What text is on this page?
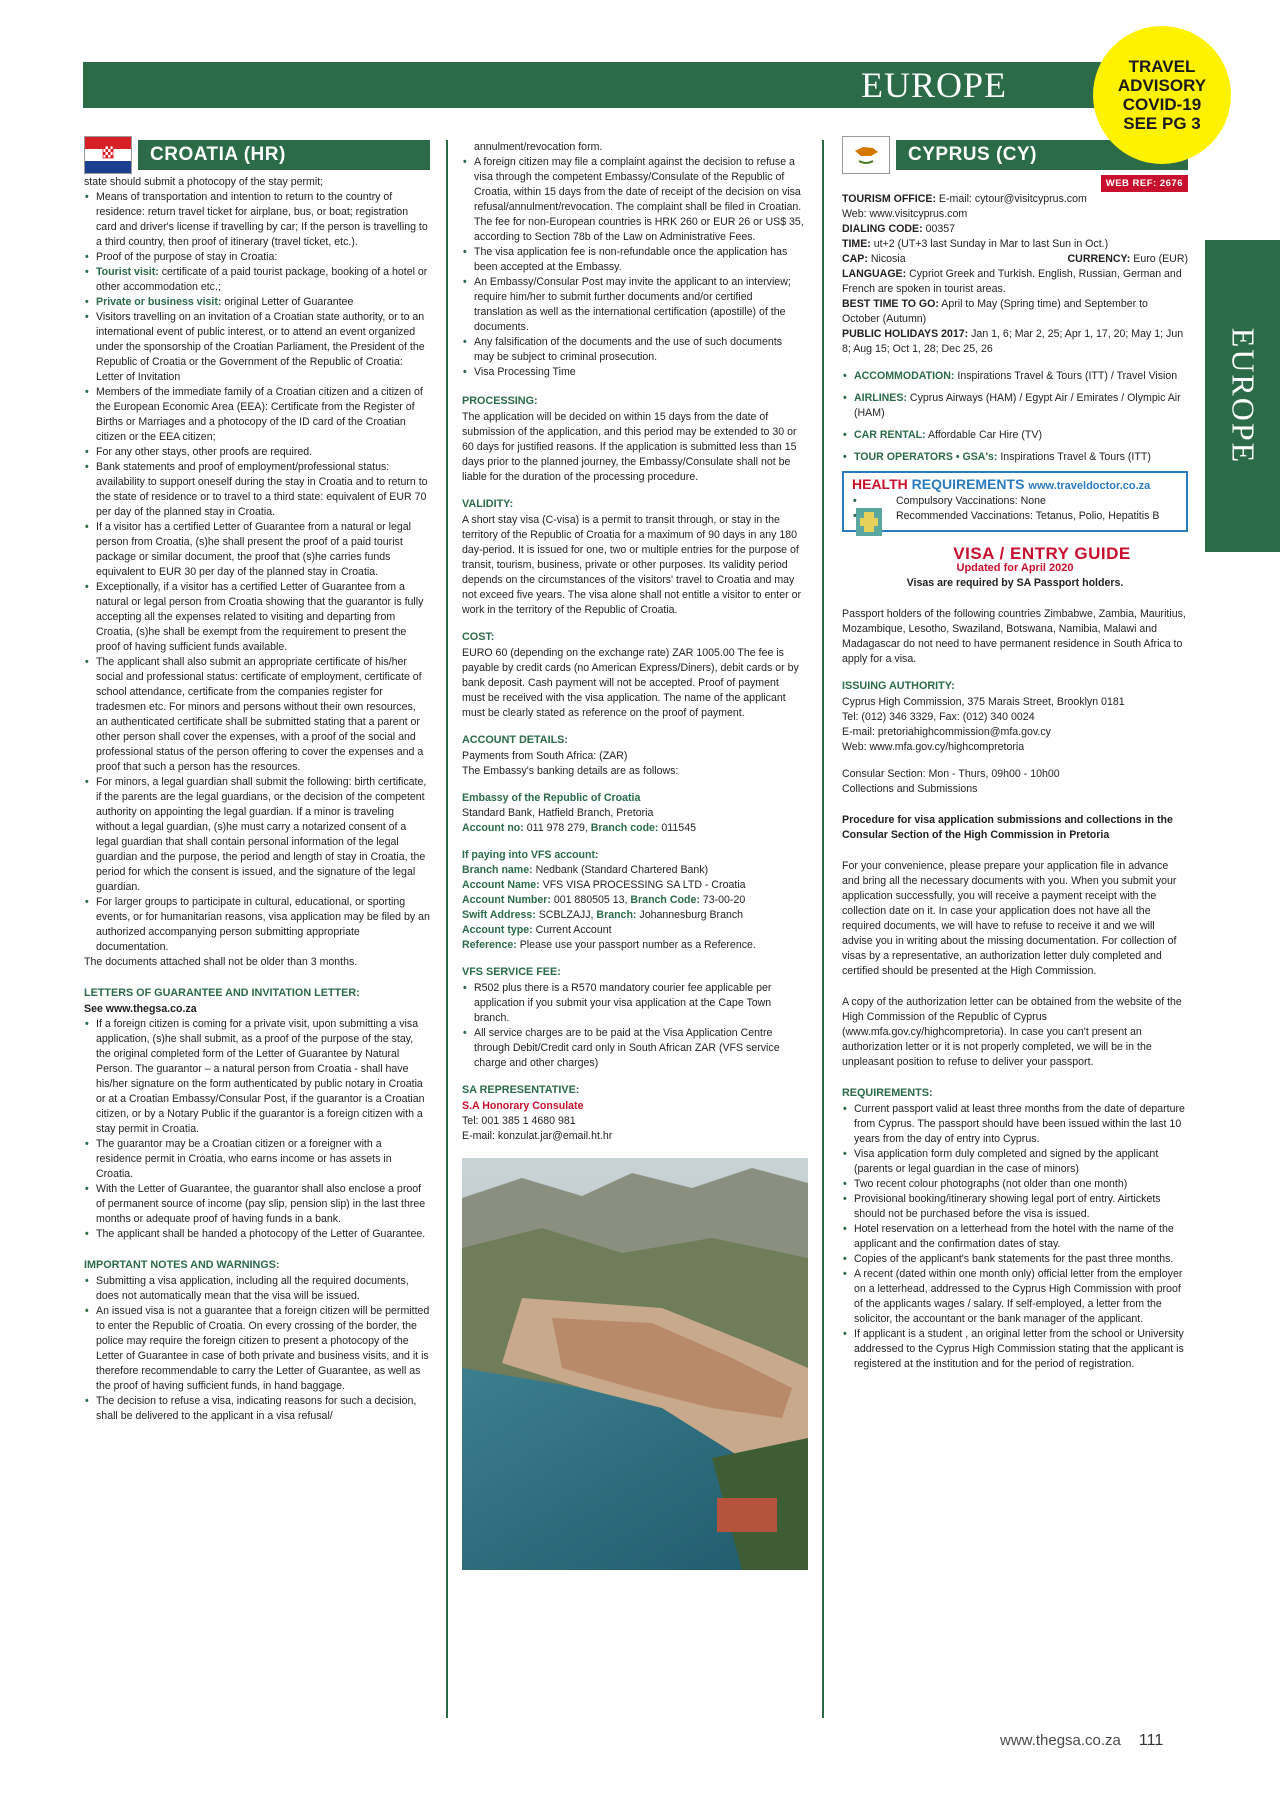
EUROPE	TRAVEL
ADVISORY
COVID-19
SEE PG 3
EUROPE
CROATIA (HR)
state should submit a photocopy of the stay permit;
• Means of transportation and intention to return to the country of residence: return travel ticket for airplane, bus, or boat; registration card and driver's license if travelling by car; If the person is travelling to a third country, then proof of itinerary (travel ticket, etc.).
• Proof of the purpose of stay in Croatia:
• Tourist visit: certificate of a paid tourist package, booking of a hotel or other accommodation etc.;
• Private or business visit: original Letter of Guarantee
• Visitors travelling on an invitation of a Croatian state authority, or to an international event of public interest, or to attend an event organized under the sponsorship of the Croatian Parliament, the President of the Republic of Croatia or the Government of the Republic of Croatia: Letter of Invitation
• Members of the immediate family of a Croatian citizen and a citizen of the European Economic Area (EEA): Certificate from the Register of Births or Marriages and a photocopy of the ID card of the Croatian citizen or the EEA citizen;
• For any other stays, other proofs are required.
• Bank statements and proof of employment/professional status: availability to support oneself during the stay in Croatia and to return to the state of residence or to travel to a third state: equivalent of EUR 70 per day of the planned stay in Croatia.
• If a visitor has a certified Letter of Guarantee from a natural or legal person from Croatia, (s)he shall present the proof of a paid tourist package or similar document, the proof that (s)he carries funds equivalent to EUR 30 per day of the planned stay in Croatia.
• Exceptionally, if a visitor has a certified Letter of Guarantee from a natural or legal person from Croatia showing that the guarantor is fully accepting all the expenses related to visiting and departing from Croatia, (s)he shall be exempt from the requirement to present the proof of having sufficient funds available.
• The applicant shall also submit an appropriate certificate of his/her social and professional status: certificate of employment, certificate of school attendance, certificate from the companies register for tradesmen etc. For minors and persons without their own resources, an authenticated certificate shall be submitted stating that a parent or other person shall cover the expenses, with a proof of the social and professional status of the person offering to cover the expenses and a proof that such a person has the resources.
• For minors, a legal guardian shall submit the following: birth certificate, if the parents are the legal guardians, or the decision of the competent authority on appointing the legal guardian. If a minor is traveling without a legal guardian, (s)he must carry a notarized consent of a legal guardian that shall contain personal information of the legal guardian and the purpose, the period and length of stay in Croatia, the period for which the consent is issued, and the signature of the legal guardian.
• For larger groups to participate in cultural, educational, or sporting events, or for humanitarian reasons, visa application may be filed by an authorized accompanying person submitting appropriate documentation.

The documents attached shall not be older than 3 months.

LETTERS OF GUARANTEE AND INVITATION LETTER:
See www.thegsa.co.za
• If a foreign citizen is coming for a private visit, upon submitting a visa application, (s)he shall submit, as a proof of the purpose of the stay, the original completed form of the Letter of Guarantee by Natural Person. The guarantor – a natural person from Croatia - shall have his/her signature on the form authenticated by public notary in Croatia or at a Croatian Embassy/Consular Post, if the guarantor is a Croatian citizen, or by a Notary Public if the guarantor is a foreign citizen with a stay permit in Croatia.
• The guarantor may be a Croatian citizen or a foreigner with a residence permit in Croatia, who earns income or has assets in Croatia.
• With the Letter of Guarantee, the guarantor shall also enclose a proof of permanent source of income (pay slip, pension slip) in the last three months or adequate proof of having funds in a bank.
• The applicant shall be handed a photocopy of the Letter of Guarantee.
IMPORTANT NOTES AND WARNINGS:
• Submitting a visa application, including all the required documents, does not automatically mean that the visa will be issued.
• An issued visa is not a guarantee that a foreign citizen will be permitted to enter the Republic of Croatia. On every crossing of the border, the police may require the foreign citizen to present a photocopy of the Letter of Guarantee in case of both private and business visits, and it is therefore recommendable to carry the Letter of Guarantee, as well as the proof of having sufficient funds, in hand baggage.
• The decision to refuse a visa, indicating reasons for such a decision, shall be delivered to the applicant in a visa refusal/
annulment/revocation form.
• A foreign citizen may file a complaint against the decision to refuse a visa through the competent Embassy/Consulate of the Republic of Croatia, within 15 days from the date of receipt of the decision on visa refusal/annulment/revocation. The complaint shall be filed in Croatian. The fee for non-European countries is HRK 260 or EUR 26 or US$ 35, according to Section 78b of the Law on Administrative Fees.
• The visa application fee is non-refundable once the application has been accepted at the Embassy.
• An Embassy/Consular Post may invite the applicant to an interview; require him/her to submit further documents and/or certified translation as well as the international certification (apostille) of the documents.
• Any falsification of the documents and the use of such documents may be subject to criminal prosecution.
• Visa Processing Time
PROCESSING:

The application will be decided on within 15 days from the date of submission of the application, and this period may be extended to 30 or 60 days for justified reasons. If the application is submitted less than 15 days prior to the planned journey, the Embassy/Consulate shall not be liable for the duration of the processing procedure.

VALIDITY:

A short stay visa (C-visa) is a permit to transit through, or stay in the territory of the Republic of Croatia for a maximum of 90 days in any 180 day-period. It is issued for one, two or multiple entries for the purpose of transit, tourism, business, private or other purposes. Its validity period depends on the circumstances of the visitors' travel to Croatia and may not exceed five years. The visa alone shall not entitle a visitor to enter or work in the territory of the Republic of Croatia.

COST:

EURO 60 (depending on the exchange rate) ZAR 1005.00 The fee is payable by credit cards (no American Express/Diners), debit cards or by bank deposit. Cash payment will not be accepted. Proof of payment must be received with the visa application. The name of the applicant must be clearly stated as reference on the proof of payment.

ACCOUNT DETAILS:
Payments from South Africa: (ZAR)

The Embassy's banking details are as follows:

Embassy of the Republic of Croatia
Standard Bank, Hatfield Branch, Pretoria

Account no: 011 978 279, Branch code: 011545

If paying into VFS account:
Branch name: Nedbank (Standard Chartered Bank)
Account Name: VFS VISA PROCESSING SA LTD - Croatia
Account Number: 001 880505 13, Branch Code: 73-00-20
Swift Address: SCBLZAJJ, Branch: Johannesburg Branch
Account type: Current Account

Reference: Please use your passport number as a Reference.

VFS SERVICE FEE:
• R502 plus there is a R570 mandatory courier fee applicable per application if you submit your visa application at the Cape Town branch.
• All service charges are to be paid at the Visa Application Centre through Debit/Credit card only in South African ZAR (VFS service charge and other charges)
SA REPRESENTATIVE:
S.A Honorary Consulate
Tel: 001 385 1 4680 981
E-mail: konzulat.jar@email.ht.hr
CYPRUS (CY)
WEB REF: 2676
TOURISM OFFICE: E-mail: cytour@visitcyprus.com
Web: www.visitcyprus.com
DIALING CODE: 00357
TIME: ut+2 (UT+3 last Sunday in Mar to last Sun in Oct.)
CAP: Nicosia	CURRENCY: Euro (EUR)
LANGUAGE: Cypriot Greek and Turkish. English, Russian, German and French are spoken in tourist areas.
BEST TIME TO GO: April to May (Spring time) and September to October (Autumn)

PUBLIC HOLIDAYS 2017: Jan 1, 6; Mar 2, 25; Apr 1, 17, 20; May 1; Jun 8; Aug 15; Oct 1, 28; Dec 25, 26

• ACCOMMODATION: Inspirations Travel & Tours (ITT) / Travel Vision
• AIRLINES: Cyprus Airways (HAM) / Egypt Air / Emirates / Olympic Air (HAM)
• CAR RENTAL: Affordable Car Hire (TV)
• TOUR OPERATORS • GSA's: Inspirations Travel & Tours (ITT)
HEALTH REQUIREMENTS www.traveldoctor.co.za
• Compulsory Vaccinations: None
• Recommended Vaccinations: Tetanus, Polio, Hepatitis B
VISA / ENTRY GUIDE
Updated for April 2020
Visas are required by SA Passport holders.

Passport holders of the following countries Zimbabwe, Zambia, Mauritius, Mozambique, Lesotho, Swaziland, Botswana, Namibia, Malawi and Madagascar do not need to have permanent residence in South Africa to apply for a visa.

ISSUING AUTHORITY:
Cyprus High Commission, 375 Marais Street, Brooklyn 0181
Tel: (012) 346 3329, Fax: (012) 340 0024
E-mail: pretoriahighcommission@mfa.gov.cy

Web: www.mfa.gov.cy/highcompretoria

Consular Section: Mon - Thurs, 09h00 - 10h00

Collections and Submissions

Procedure for visa application submissions and collections in the Consular Section of the High Commission in Pretoria

For your convenience, please prepare your application file in advance and bring all the necessary documents with you. When you submit your application successfully, you will receive a payment receipt with the collection date on it. In case your application does not have all the required documents, we will have to refuse to receive it and we will advise you in writing about the missing documentation. For collection of visas by a representative, an authorization letter duly completed and certified should be presented at the High Commission.

A copy of the authorization letter can be obtained from the website of the High Commission of the Republic of Cyprus (www.mfa.gov.cy/highcompretoria). In case you can't present an authorization letter or it is not properly completed, we will be in the unpleasant position to refuse to deliver your passport.

REQUIREMENTS:
• Current passport valid at least three months from the date of departure from Cyprus. The passport should have been issued within the last 10 years from the day of entry into Cyprus.
• Visa application form duly completed and signed by the applicant (parents or legal guardian in the case of minors)
• Two recent colour photographs (not older than one month)
• Provisional booking/itinerary showing legal port of entry. Airtickets should not be purchased before the visa is issued.
• Hotel reservation on a letterhead from the hotel with the name of the applicant and the confirmation dates of stay.
• Copies of the applicant's bank statements for the past three months.
• A recent (dated within one month only) official letter from the employer on a letterhead, addressed to the Cyprus High Commission with proof of the applicants wages / salary. If self-employed, a letter from the solicitor, the accountant or the bank manager of the applicant.
• If applicant is a student , an original letter from the school or University addressed to the Cyprus High Commission stating that the applicant is registered at the institution and for the period of registration.
www.thegsa.co.za 111
